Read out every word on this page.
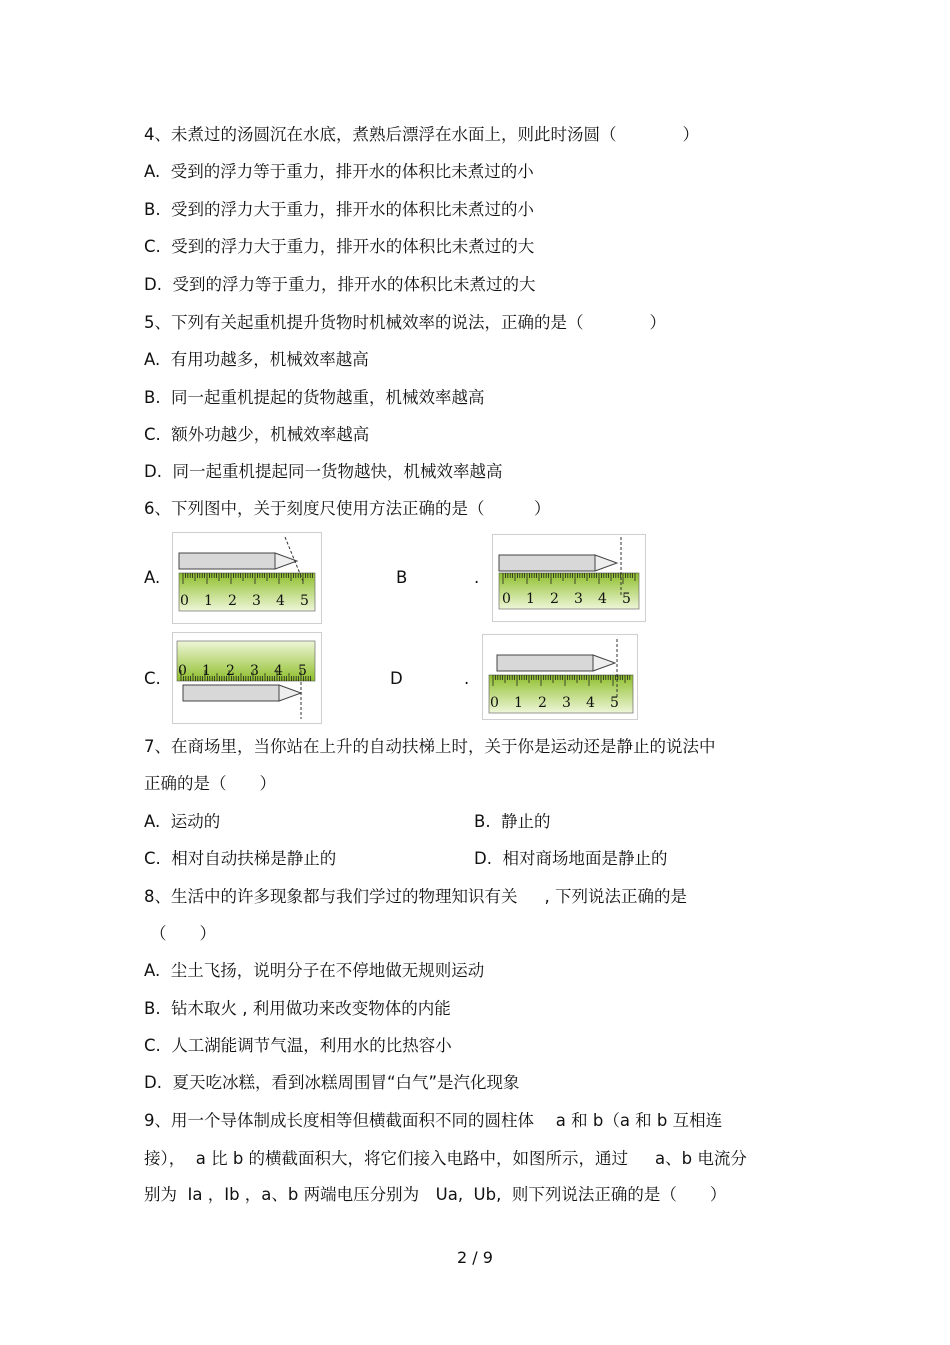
4、未煮过的汤圆沉在水底，煮熟后漂浮在水面上，则此时汤圆（　　　　）
A.  受到的浮力等于重力，排开水的体积比未煮过的小
B.  受到的浮力大于重力，排开水的体积比未煮过的小
C.  受到的浮力大于重力，排开水的体积比未煮过的大
D.  受到的浮力等于重力，排开水的体积比未煮过的大
5、下列有关起重机提升货物时机械效率的说法，正确的是（　　　　）
A.  有用功越多，机械效率越高
B.  同一起重机提起的货物越重，机械效率越高
C.  额外功越少，机械效率越高
D.  同一起重机提起同一货物越快，机械效率越高
6、下列图中，关于刻度尺使用方法正确的是（　　　）
A.	B	.
C.	D	.
0 1 2 3 4 5	0 1 2 3 4 5
0 1 2 3 4 5
0 1 2 3 4 5
7、在商场里，当你站在上升的自动扶梯上时，关于你是运动还是静止的说法中
正确的是（　　）
A.  运动的	B.  静止的
C.  相对自动扶梯是静止的	D.  相对商场地面是静止的
8、生活中的许多现象都与我们学过的物理知识有关　  , 下列说法正确的是
（　　）
A.  尘土飞扬，说明分子在不停地做无规则运动
B.  钻木取火 , 利用做功来改变物体的内能
C.  人工湖能调节气温，利用水的比热容小
D.  夏天吃冰糕，看到冰糕周围冒“白气”是汽化现象
9、用一个导体制成长度相等但横截面积不同的圆柱体　 a 和 b（a 和 b 互相连
接），  a 比 b 的横截面积大，将它们接入电路中，如图所示，通过　  a、b 电流分
别为  Ia ，Ib ，a、b 两端电压分别为　Ua,  Ub,  则下列说法正确的是（　　）
2 / 9
